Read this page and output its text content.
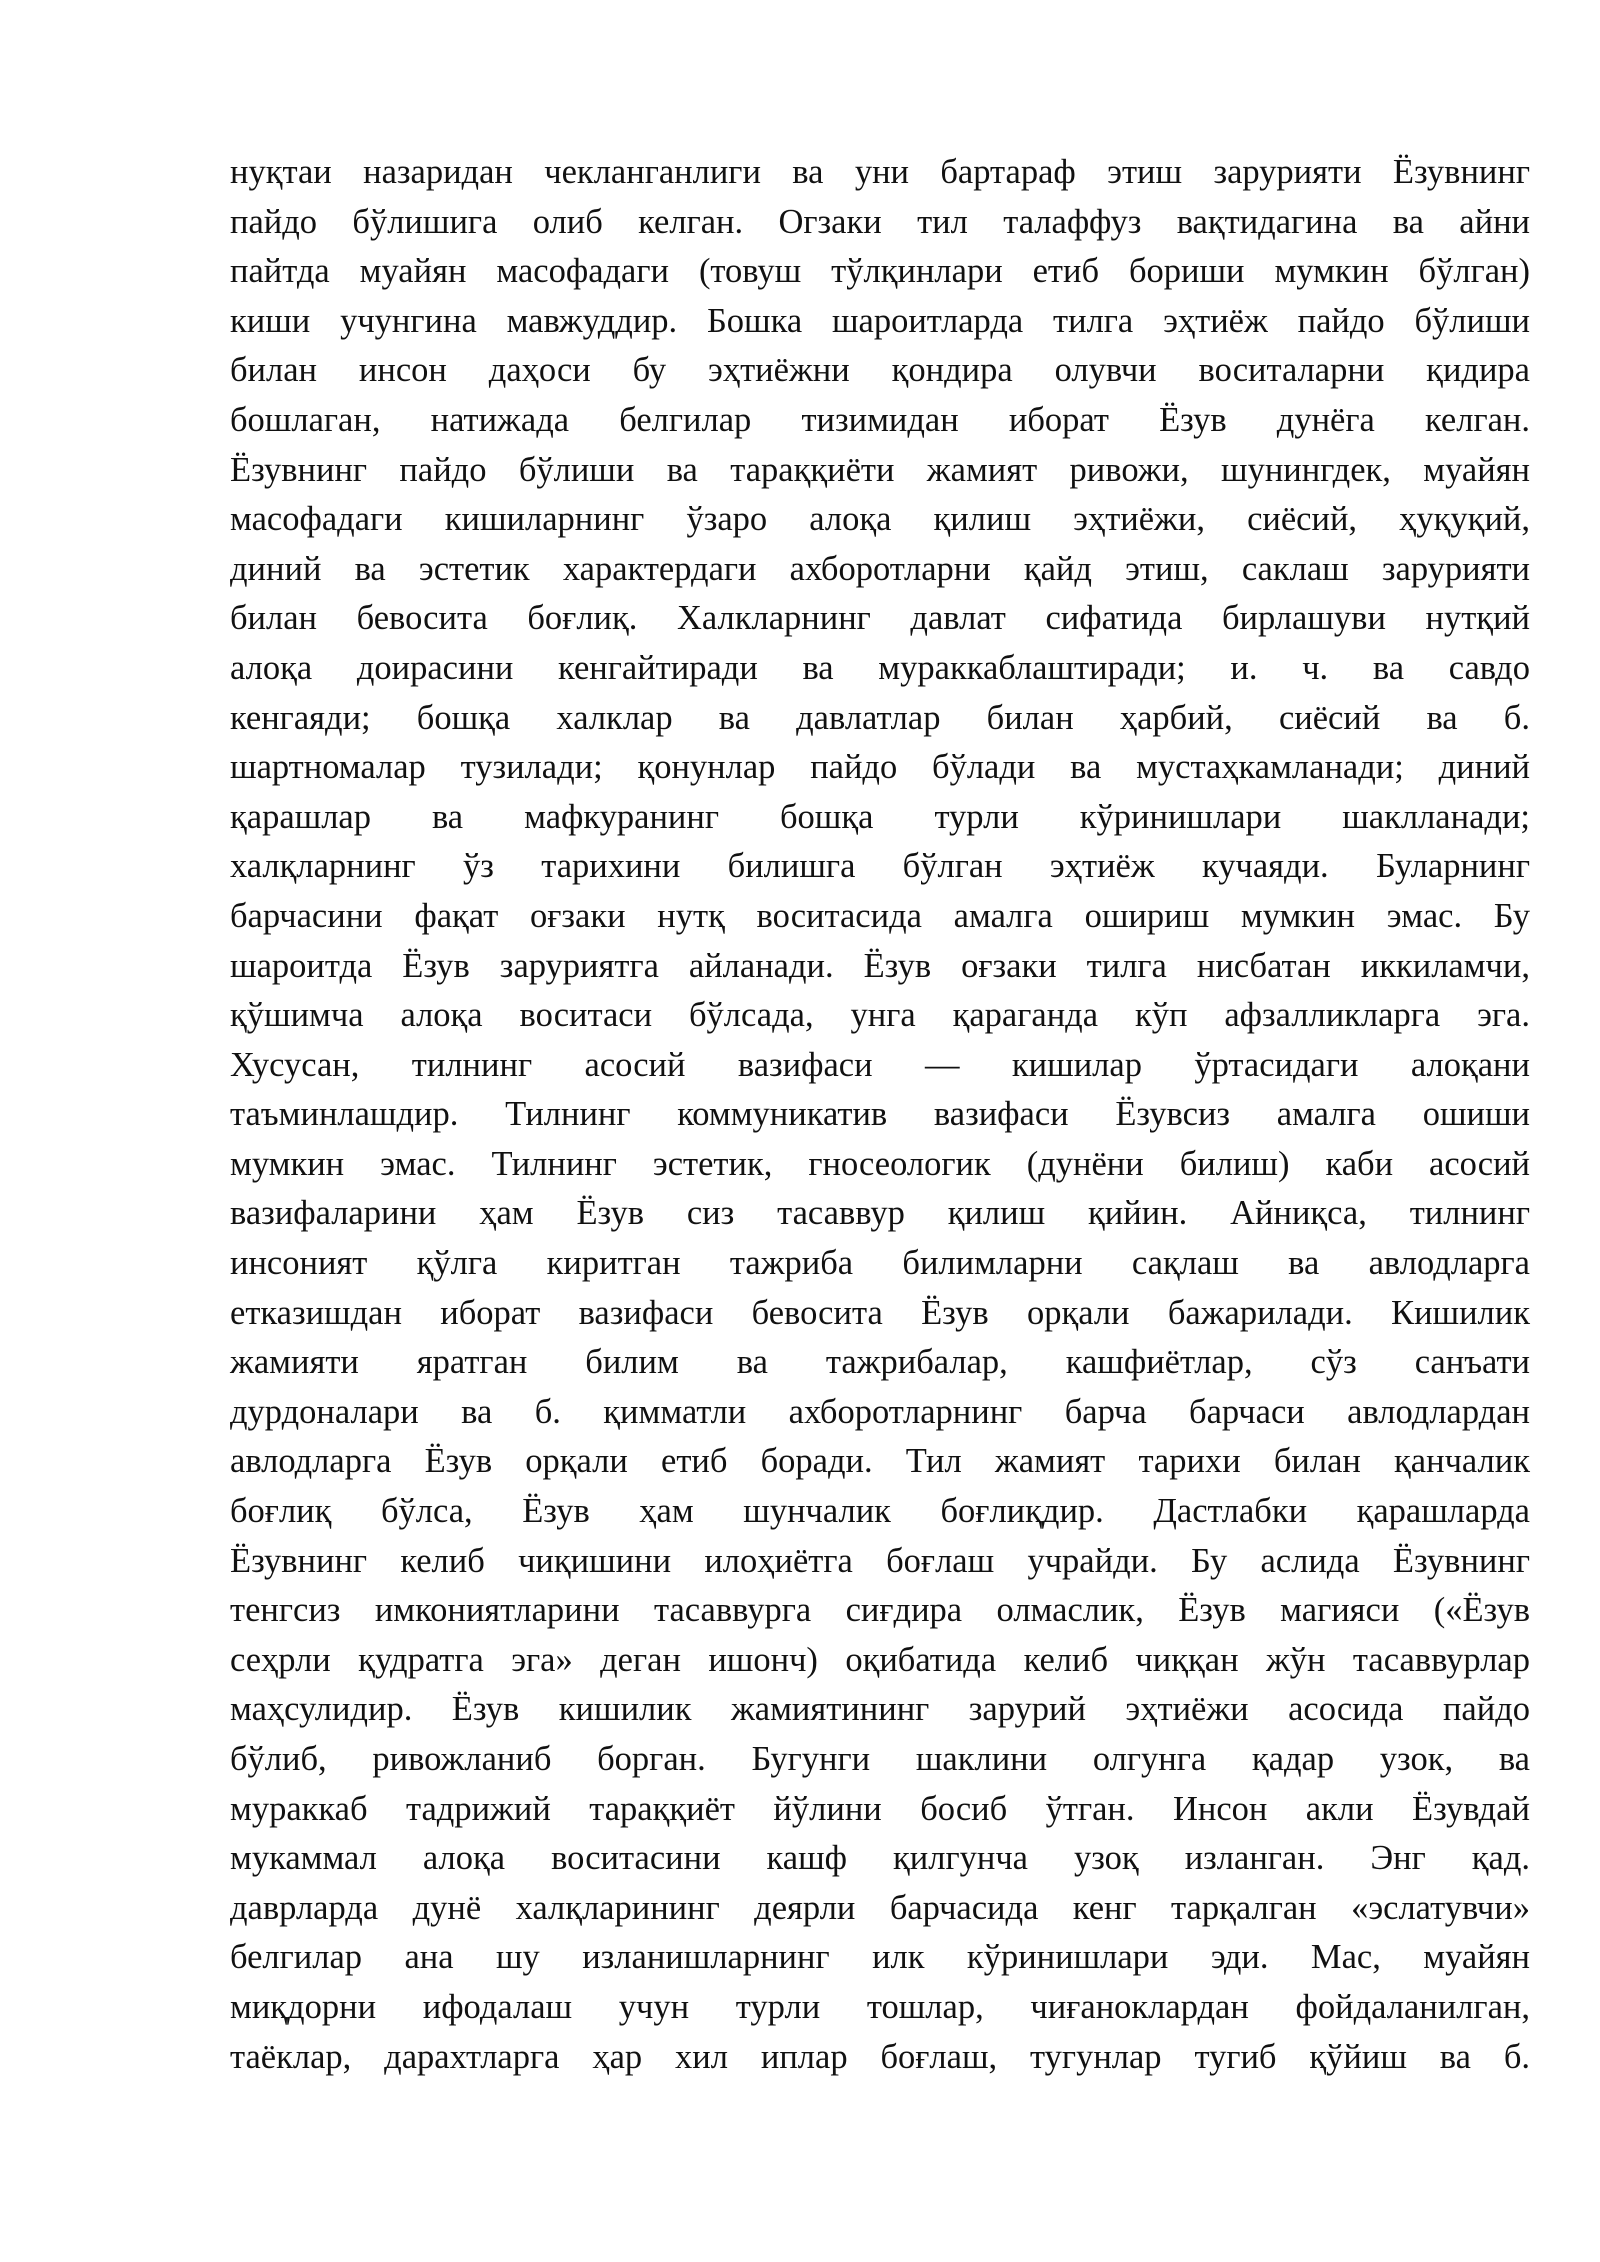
нуқтаи назаридан чекланганлиги ва уни бартараф этиш зарурияти Ёзувнинг
пайдо бўлишига олиб келган. Огзаки тил талаффуз вақтидагина ва айни
пайтда муайян масофадаги (товуш тўлқинлари етиб бориши мумкин бўлган)
киши учунгина мавжуддир. Бошка шароитларда тилга эҳтиёж пайдо бўлиши
билан инсон даҳоси бу эҳтиёжни қондира олувчи воситаларни қидира
бошлаган, натижада белгилар тизимидан иборат Ёзув дунёга келган.
Ёзувнинг пайдо бўлиши ва тараққиёти жамият ривожи, шунингдек, муайян
масофадаги кишиларнинг ўзаро алоқа қилиш эҳтиёжи, сиёсий, ҳуқуқий,
диний ва эстетик характердаги ахборотларни қайд этиш, саклаш зарурияти
билан бевосита боғлиқ. Халкларнинг давлат сифатида бирлашуви нутқий
алоқа доирасини кенгайтиради ва мураккаблаштиради; и. ч. ва савдо
кенгаяди; бошқа халклар ва давлатлар билан ҳарбий, сиёсий ва б.
шартномалар тузилади; қонунлар пайдо бўлади ва мустаҳкамланади; диний
қарашлар ва мафкуранинг бошқа турли кўринишлари шаклланади;
халқларнинг ўз тарихини билишга бўлган эҳтиёж кучаяди. Буларнинг
барчасини фақат оғзаки нутқ воситасида амалга ошириш мумкин эмас. Бу
шароитда Ёзув заруриятга айланади. Ёзув оғзаки тилга нисбатан иккиламчи,
қўшимча алоқа воситаси бўлсада, унга қараганда кўп афзалликларга эга.
Хусусан, тилнинг асосий вазифаси — кишилар ўртасидаги алоқани
таъминлашдир. Тилнинг коммуникатив вазифаси Ёзувсиз амалга ошиши
мумкин эмас. Тилнинг эстетик, гносеологик (дунёни билиш) каби асосий
вазифаларини ҳам Ёзув сиз тасаввур қилиш қийин. Айниқса, тилнинг
инсоният қўлга киритган тажриба билимларни сақлаш ва авлодларга
етказишдан иборат вазифаси бевосита Ёзув орқали бажарилади. Кишилик
жамияти яратган билим ва тажрибалар, кашфиётлар, сўз санъати
дурдоналари ва б. қимматли ахборотларнинг барча барчаси авлодлардан
авлодларга Ёзув орқали етиб боради. Тил жамият тарихи билан қанчалик
боғлиқ бўлса, Ёзув ҳам шунчалик боғлиқдир. Дастлабки қарашларда
Ёзувнинг келиб чиқишини илоҳиётга боғлаш учрайди. Бу аслида Ёзувнинг
тенгсиз имкониятларини тасаввурга сиғдира олмаслик, Ёзув магияси («Ёзув
сеҳрли қудратга эга» деган ишонч) оқибатида келиб чиққан жўн тасаввурлар
маҳсулидир. Ёзув кишилик жамиятининг зарурий эҳтиёжи асосида пайдо
бўлиб, ривожланиб борган. Бугунги шаклини олгунга қадар узок, ва
мураккаб тадрижий тараққиёт йўлини босиб ўтган. Инсон акли Ёзувдай
мукаммал алоқа воситасини кашф қилгунча узоқ изланган. Энг қад.
даврларда дунё халқларининг деярли барчасида кенг тарқалган «эслатувчи»
белгилар ана шу изланишларнинг илк кўринишлари эди. Мас, муайян
миқдорни ифодалаш учун турли тошлар, чиғаноклардан фойдаланилган,
таёклар, дарахтларга ҳар хил иплар боғлаш, тугунлар тугиб қўйиш ва б.
